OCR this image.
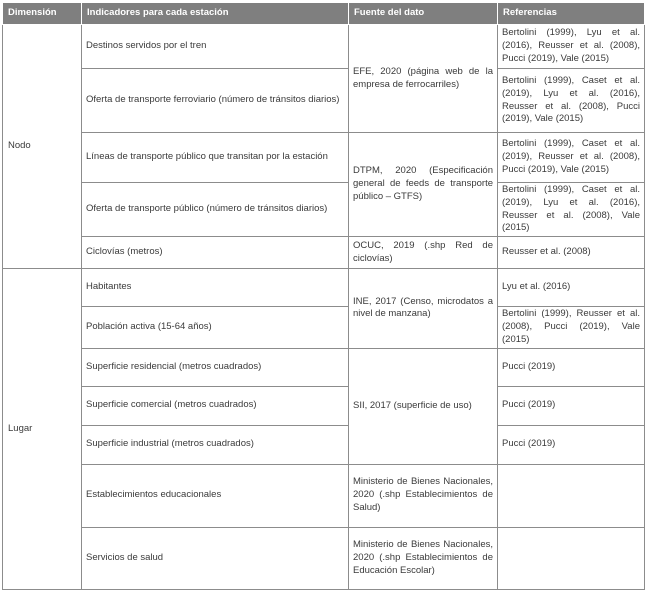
Dimensión	Indicadores para cada estación	Fuente del dato	Referencias
Nodo	Destinos servidos por el tren	EFE, 2020 (página web de la empresa de ferrocarriles)	Bertolini (1999), Lyu et al. (2016), Reusser et al. (2008), Pucci (2019), Vale (2015)
	Oferta de transporte ferroviario (número de tránsitos diarios)		Bertolini (1999), Caset et al. (2019), Lyu et al. (2016), Reusser et al. (2008), Pucci (2019), Vale (2015)
	Líneas de transporte público que transitan por la estación	DTPM, 2020 (Especificación general de feeds de transporte público – GTFS)	Bertolini (1999), Caset et al. (2019), Reusser et al. (2008), Pucci (2019), Vale (2015)
	Oferta de transporte público (número de tránsitos diarios)		Bertolini (1999), Caset et al. (2019), Lyu et al. (2016), Reusser et al. (2008), Vale (2015)
	Ciclovías (metros)	OCUC, 2019 (.shp Red de ciclovías)	Reusser et al. (2008)
Lugar	Habitantes	INE, 2017 (Censo, microdatos a nivel de manzana)	Lyu et al. (2016)
	Población activa (15-64 años)		Bertolini (1999), Reusser et al. (2008), Pucci (2019), Vale (2015)
	Superficie residencial (metros cuadrados)	SII, 2017 (superficie de uso)	Pucci (2019)
	Superficie comercial (metros cuadrados)		Pucci (2019)
	Superficie industrial (metros cuadrados)		Pucci (2019)
	Establecimientos educacionales	Ministerio de Bienes Nacionales, 2020 (.shp Establecimientos de Salud)	
	Servicios de salud	Ministerio de Bienes Nacionales, 2020 (.shp Establecimientos de Educación Escolar)	
